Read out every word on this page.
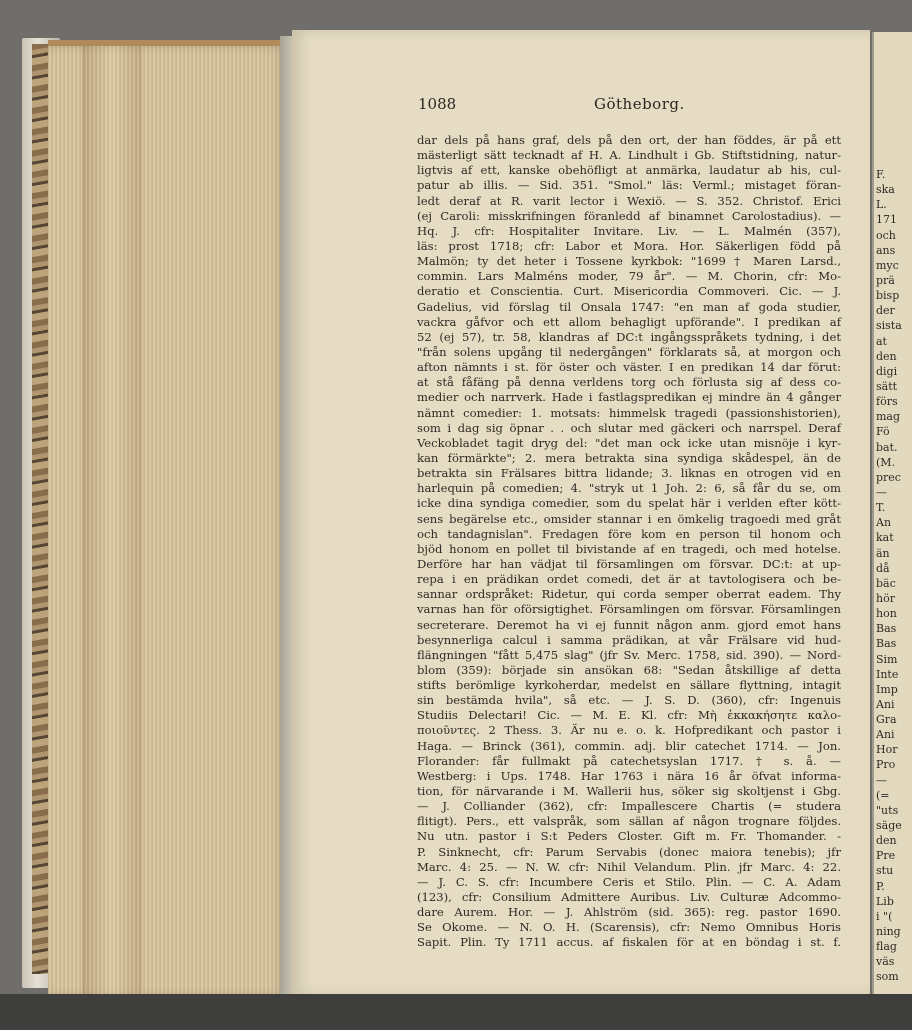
1088	Götheborg.
dar dels på hans graf, dels på den ort, der han föddes, är på ett
mästerligt sätt tecknadt af H. A. Lindhult i Gb. Stiftstidning, natur-
ligtvis af ett, kanske obehöfligt at anmärka, laudatur ab his, cul-
patur ab illis. — Sid. 351. "Smol." läs: Verml.; mistaget föran-
ledt deraf at R. varit lector i Wexiö. — S. 352. Christof. Erici
(ej Caroli: misskrifningen föranledd af binamnet Carolostadius). —
Hq. J. cfr: Hospitaliter Invitare. Liv. — L. Malmén (357),
läs: prost 1718; cfr: Labor et Mora. Hor. Säkerligen född på
Malmön; ty det heter i Tossene kyrkbok: "1699 † Maren Larsd.,
commin. Lars Malméns moder, 79 år". — M. Chorin, cfr: Mo-
deratio et Conscientia. Curt. Misericordia Commoveri. Cic. — J.
Gadelius, vid förslag til Onsala 1747: "en man af goda studier,
vackra gåfvor och ett allom behagligt upförande". I predikan af
52 (ej 57), tr. 58, klandras af DC:t ingångsspråkets tydning, i det
"från solens upgång til nedergången" förklarats så, at morgon och
afton nämnts i st. för öster och väster. I en predikan 14 dar förut:
at stå fåfäng på denna verldens torg och förlusta sig af dess co-
medier och narrverk. Hade i fastlagspredikan ej mindre än 4 gånger
nämnt comedier: 1. motsats: himmelsk tragedi (passionshistorien),
som i dag sig öpnar . . och slutar med gäckeri och narrspel. Deraf
Veckobladet tagit dryg del: "det man ock icke utan misnöje i kyr-
kan förmärkte"; 2. mera betrakta sina syndiga skådespel, än de
betrakta sin Frälsares bittra lidande; 3. liknas en otrogen vid en
harlequin på comedien; 4. "stryk ut 1 Joh. 2: 6, så får du se, om
icke dina syndiga comedier, som du spelat här i verlden efter kött-
sens begärelse etc., omsider stannar i en ömkelig tragoedi med gråt
och tandagnislan". Fredagen före kom en person til honom och
bjöd honom en pollet til bivistande af en tragedi, och med hotelse.
Derföre har han vädjat til församlingen om försvar. DC:t: at up-
repa i en prädikan ordet comedi, det är at tavtologisera och be-
sannar ordspråket: Ridetur, qui corda semper oberrat eadem. Thy
varnas han för oförsigtighet. Församlingen om försvar. Församlingen
secreterare. Deremot ha vi ej funnit någon anm. gjord emot hans
besynnerliga calcul i samma prädikan, at vår Frälsare vid hud-
flängningen "fått 5,475 slag" (jfr Sv. Merc. 1758, sid. 390). — Nord-
blom (359): började sin ansökan 68: "Sedan åtskillige af detta
stifts berömlige kyrkoherdar, medelst en sällare flyttning, intagit
sin bestämda hvila", så etc. — J. S. D. (360), cfr: Ingenuis
Studiis Delectari! Cic. — M. E. Kl. cfr: Μὴ ἐκκακήσητε καλο-
ποιοῦντες. 2 Thess. 3. Är nu e. o. k. Hofpredikant och pastor i
Haga. — Brinck (361), commin. adj. blir catechet 1714. — Jon.
Florander: får fullmakt på catechetsyslan 1717. † s. å. —
Westberg: i Ups. 1748. Har 1763 i nära 16 år öfvat informa-
tion, för närvarande i M. Wallerii hus, söker sig skoltjenst i Gbg.
— J. Colliander (362), cfr: Impallescere Chartis (= studera
flitigt). Pers., ett valspråk, som sällan af någon trognare följdes.
Nu utn. pastor i S:t Peders Closter. Gift m. Fr. Thomander. -
P. Sinknecht, cfr: Parum Servabis (donec maiora tenebis); jfr
Marc. 4: 25. — N. W. cfr: Nihil Velandum. Plin. jfr Marc. 4: 22.
— J. C. S. cfr: Incumbere Ceris et Stilo. Plin. — C. A. Adam
(123), cfr: Consilium Admittere Auribus. Liv. Culturæ Adcommo-
dare Aurem. Hor. — J. Ahlström (sid. 365): reg. pastor 1690.
Se Okome. — N. O. H. (Scarensis), cfr: Nemo Omnibus Horis
Sapit. Plin. Ty 1711 accus. af fiskalen för at en böndag i st. f.
F.
ska
L.
171
och
ans
myc
prä
bisp
der
sista
at
den
digi
sätt
förs
mag
Fö
bat.
(M.
prec
—
T.
An
kat
än
då
bäc
hör
hon
Bas
Bas
Sim
Inte
Imp
Ani
Gra
Ani
Hor
Pro
—
(=
"uts
säge
den
Pre
stu
P.
Lib
i "(
ning
flag
väs
som
